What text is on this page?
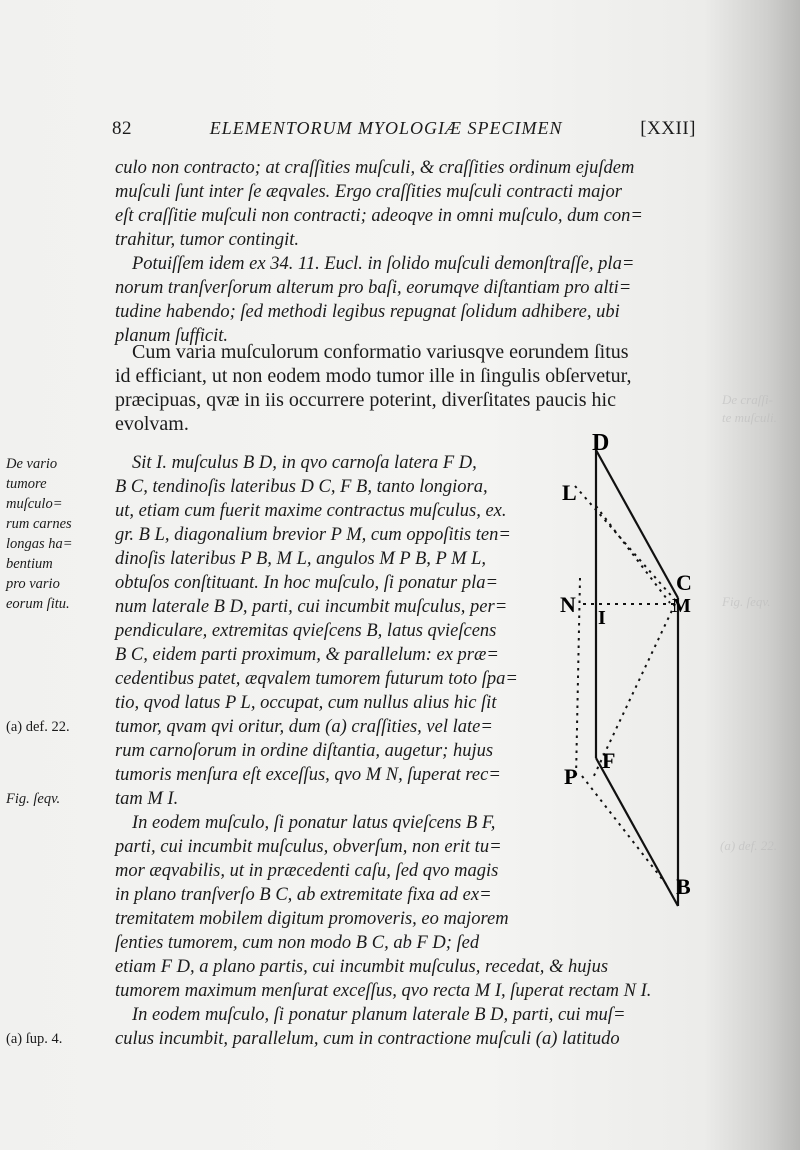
De craſſi-
te muſculi.
(a) def. 22.
Fig. ſeqv.
82	ELEMENTORUM MYOLOGIÆ SPECIMEN	[XXII]
culo non contracto; at craſſities muſculi, & craſſities ordinum ejuſdem
muſculi ſunt inter ſe æqvales. Ergo craſſities muſculi contracti major
eſt craſſitie muſculi non contracti; adeoqve in omni muſculo, dum con=
trahitur, tumor contingit.
Potuiſſem idem ex 34. 11. Eucl. in ſolido muſculi demonſtraſſe, pla=
norum tranſverſorum alterum pro baſi, eorumqve diſtantiam pro alti=
tudine habendo; ſed methodi legibus repugnat ſolidum adhibere, ubi
planum ſufficit.
Cum varia muſculorum conformatio variusqve eorundem ſitus
id efficiant, ut non eodem modo tumor ille in ſingulis obſervetur,
præcipuas, qvæ in iis occurrere poterint, diverſitates paucis hic
evolvam.
Sit I. muſculus B D, in qvo carnoſa latera F D,
B C, tendinoſis lateribus D C, F B, tanto longiora,
ut, etiam cum fuerit maxime contractus muſculus, ex.
gr. B L, diagonalium brevior P M, cum oppoſitis ten=
dinoſis lateribus P B, M L, angulos M P B, P M L,
obtuſos conſtituant. In hoc muſculo, ſi ponatur pla=
num laterale B D, parti, cui incumbit muſculus, per=
pendiculare, extremitas qvieſcens B, latus qvieſcens
B C, eidem parti proximum, & parallelum: ex præ=
cedentibus patet, æqvalem tumorem futurum toto ſpa=
tio, qvod latus P L, occupat, cum nullus alius hic ſit
tumor, qvam qvi oritur, dum (a) craſſities, vel late=
rum carnoſorum in ordine diſtantia, augetur; hujus
tumoris menſura eſt exceſſus, qvo M N, ſuperat rec=
tam M I.
In eodem muſculo, ſi ponatur latus qvieſcens B F,
parti, cui incumbit muſculus, obverſum, non erit tu=
mor æqvabilis, ut in præcedenti caſu, ſed qvo magis
in plano tranſverſo B C, ab extremitate fixa ad ex=
tremitatem mobilem digitum promoveris, eo majorem
ſenties tumorem, cum non modo B C, ab F D; ſed
etiam F D, a plano partis, cui incumbit muſculus, recedat, & hujus
tumorem maximum menſurat exceſſus, qvo recta M I, ſuperat rectam N I.
In eodem muſculo, ſi ponatur planum laterale B D, parti, cui muſ=
culus incumbit, parallelum, cum in contractione muſculi (a) latitudo
De vario
tumore
muſculo=
rum carnes
longas ha=
bentium
pro vario
eorum ſitu.
(a) def. 22.
Fig. ſeqv.
(a) ſup. 4.
D
L
C
N
I
M
P
F
B
